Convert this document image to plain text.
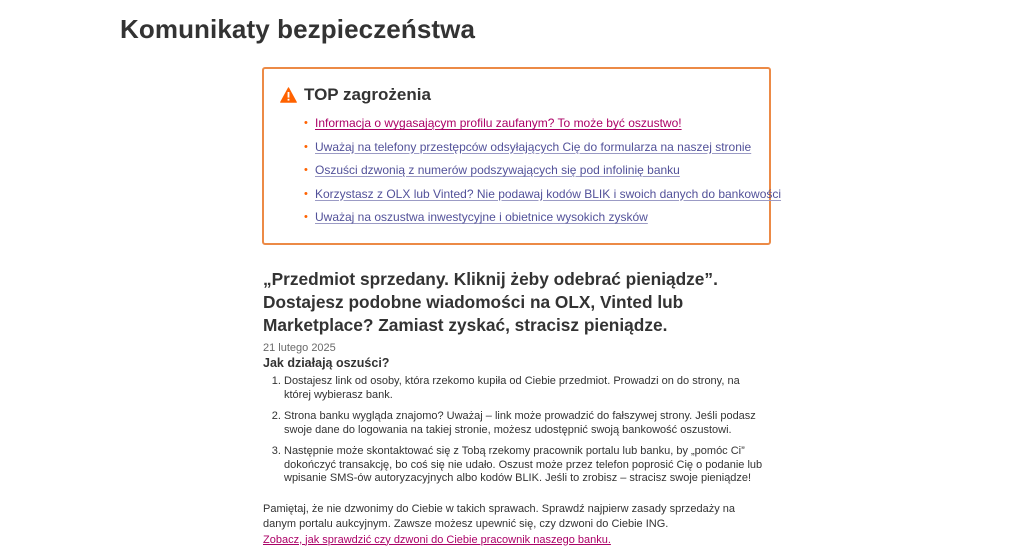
Komunikaty bezpieczeństwa
TOP zagrożenia
• Informacja o wygasającym profilu zaufanym? To może być oszustwo!
• Uważaj na telefony przestępców odsyłających Cię do formularza na naszej stronie
• Oszuści dzwonią z numerów podszywających się pod infolinię banku
• Korzystasz z OLX lub Vinted? Nie podawaj kodów BLIK i swoich danych do bankowości
• Uważaj na oszustwa inwestycyjne i obietnice wysokich zysków
„Przedmiot sprzedany. Kliknij żeby odebrać pieniądze”. Dostajesz podobne wiadomości na OLX, Vinted lub Marketplace? Zamiast zyskać, stracisz pieniądze.
21 lutego 2025
Jak działają oszuści?
1. Dostajesz link od osoby, która rzekomo kupiła od Ciebie przedmiot. Prowadzi on do strony, na której wybierasz bank.
2. Strona banku wygląda znajomo? Uważaj – link może prowadzić do fałszywej strony. Jeśli podasz swoje dane do logowania na takiej stronie, możesz udostępnić swoją bankowość oszustowi.
3. Następnie może skontaktować się z Tobą rzekomy pracownik portalu lub banku, by „pomóc Ci” dokończyć transakcję, bo coś się nie udało. Oszust może przez telefon poprosić Cię o podanie lub wpisanie SMS-ów autoryzacyjnych albo kodów BLIK. Jeśli to zrobisz – stracisz swoje pieniądze!

Pamiętaj, że nie dzwonimy do Ciebie w takich sprawach. Sprawdź najpierw zasady sprzedaży na danym portalu aukcyjnym. Zawsze możesz upewnić się, czy dzwoni do Ciebie ING.
Zobacz, jak sprawdzić czy dzwoni do Ciebie pracownik naszego banku.
